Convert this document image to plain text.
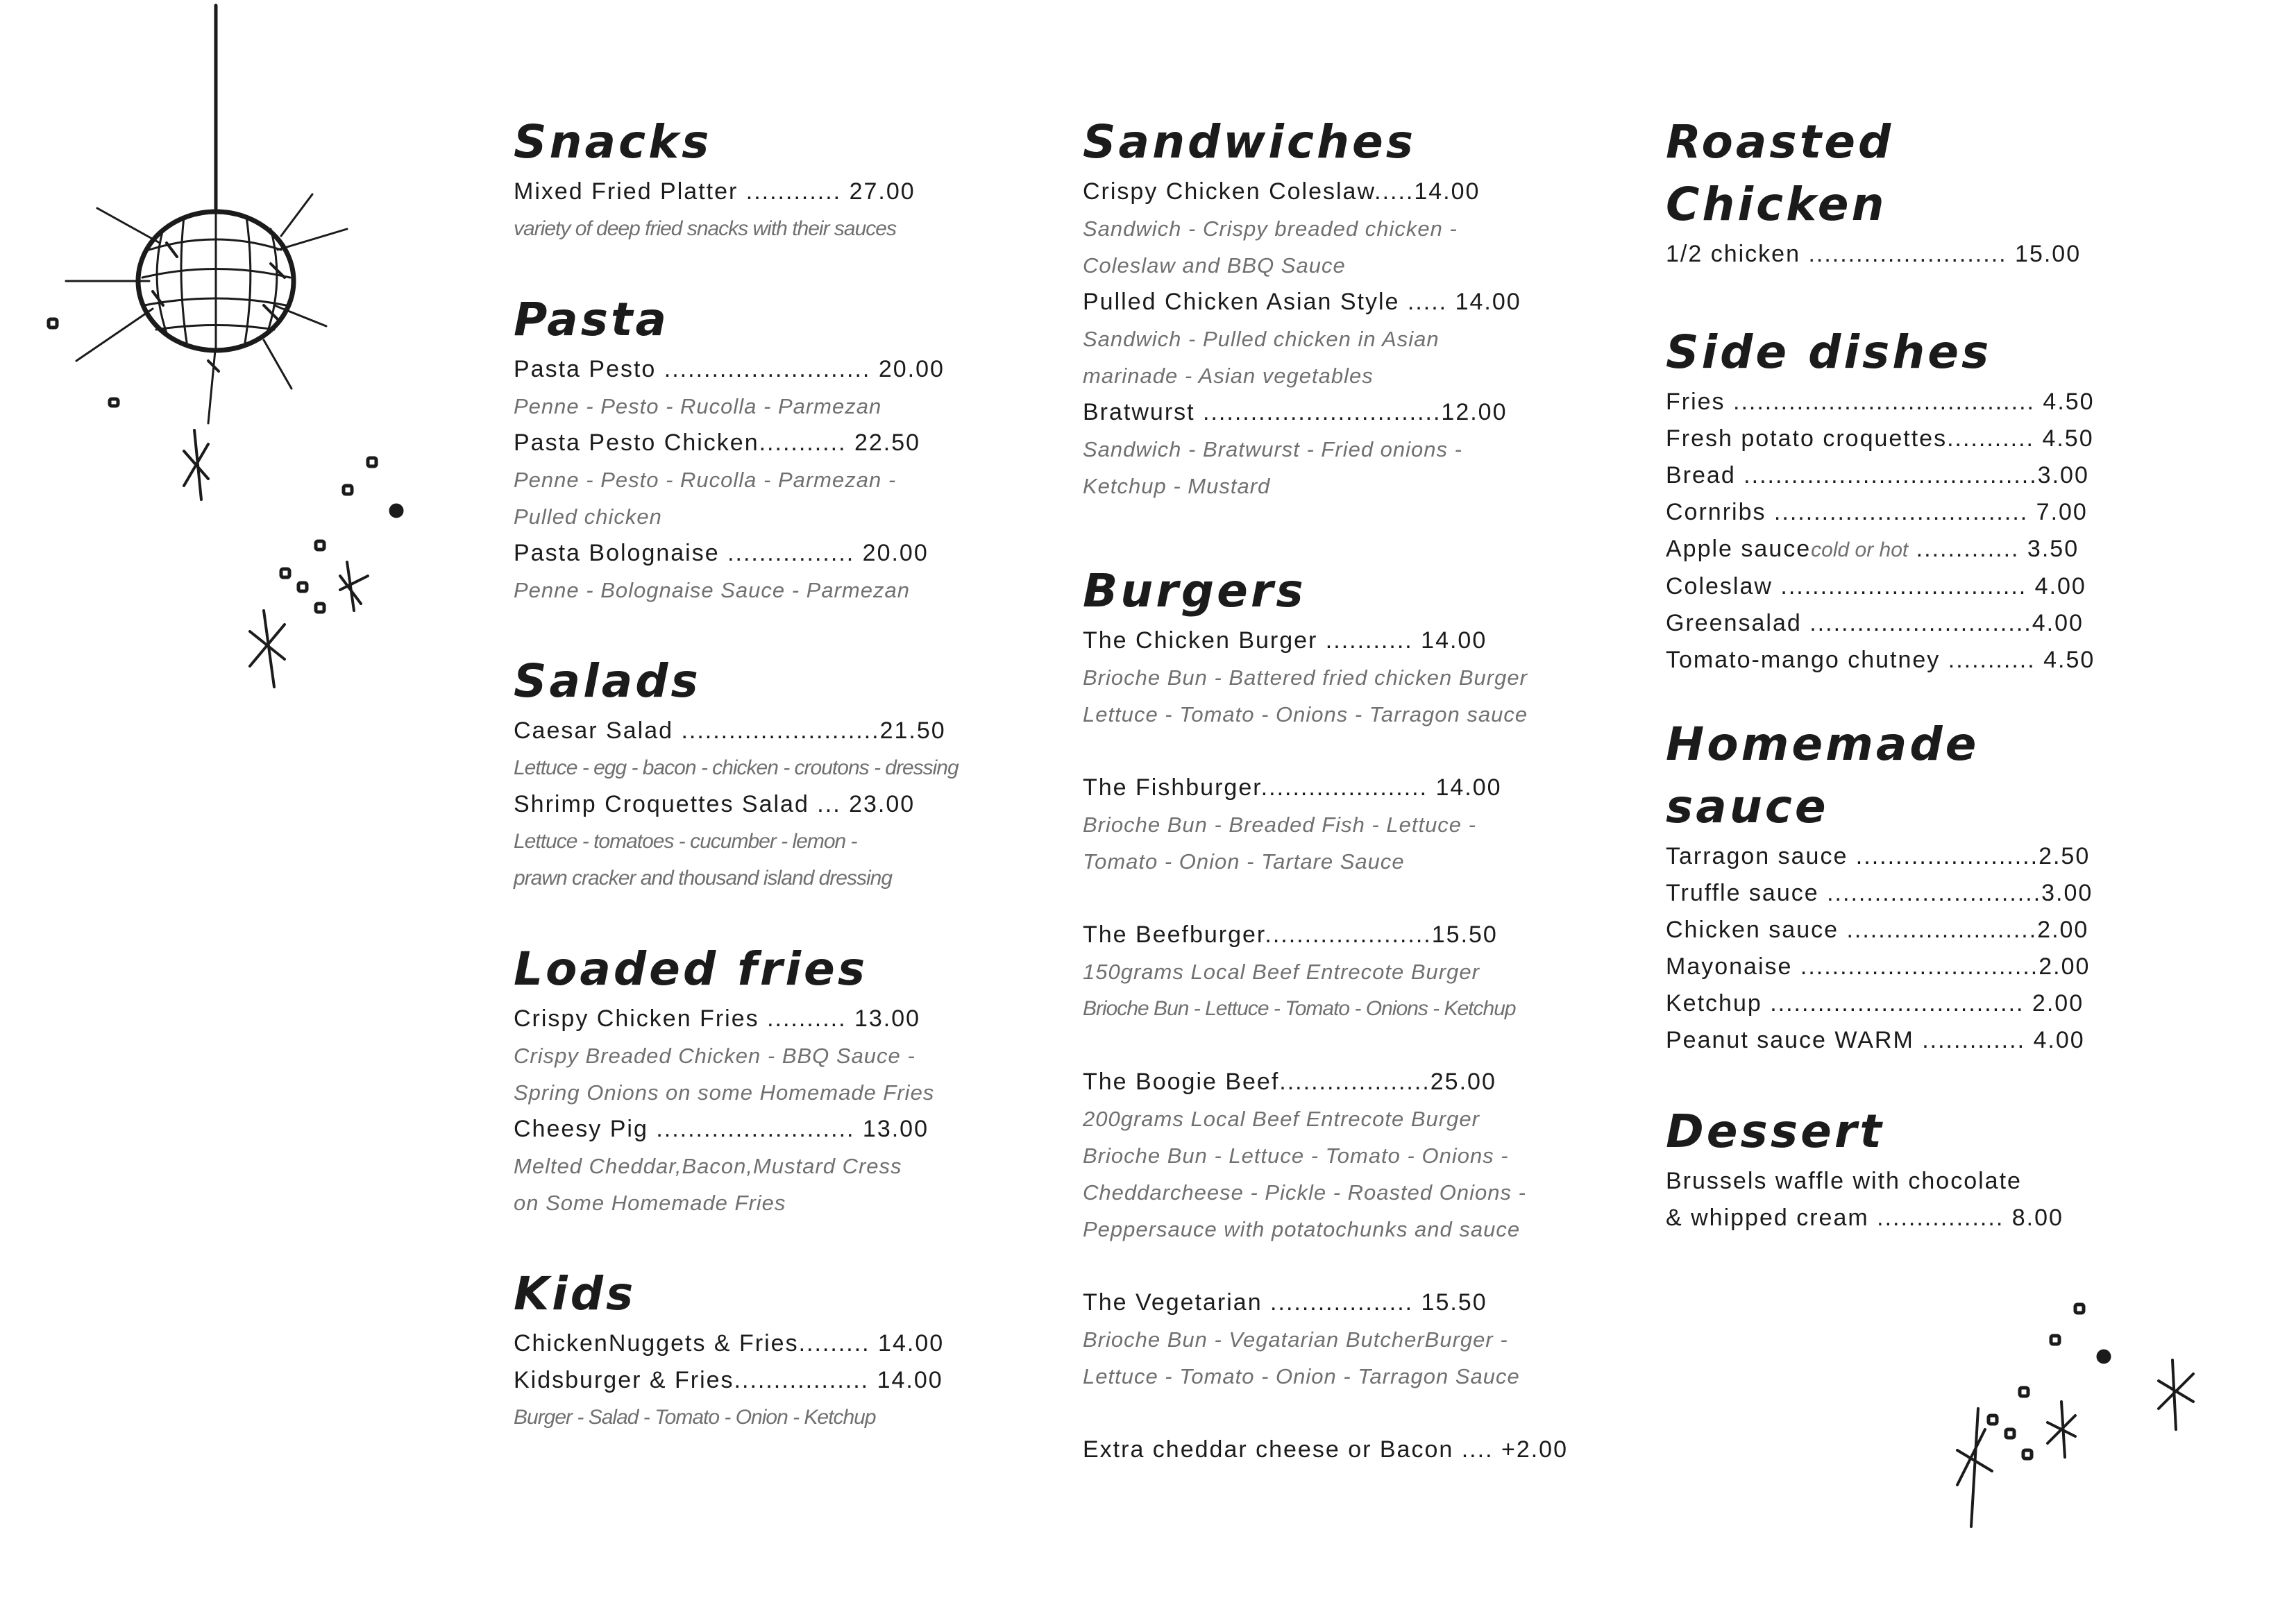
Snacks
Mixed Fried Platter ............ 27.00
variety of deep fried snacks with their sauces
Pasta
Pasta Pesto .......................... 20.00
Penne - Pesto - Rucolla - Parmezan
Pasta Pesto Chicken........... 22.50
Penne - Pesto - Rucolla - Parmezan -
Pulled chicken
Pasta Bolognaise ................ 20.00
Penne - Bolognaise Sauce - Parmezan
Salads
Caesar Salad .........................21.50
Lettuce - egg - bacon - chicken - croutons - dressing
Shrimp Croquettes Salad ... 23.00
Lettuce - tomatoes - cucumber - lemon -
prawn cracker and thousand island dressing
Loaded fries
Crispy Chicken Fries .......... 13.00
Crispy Breaded Chicken - BBQ Sauce -
Spring Onions on some Homemade Fries
Cheesy Pig ......................... 13.00
Melted Cheddar,Bacon,Mustard Cress
on Some Homemade Fries
Kids
ChickenNuggets & Fries......... 14.00
Kidsburger & Fries................. 14.00
Burger - Salad - Tomato - Onion - Ketchup
Sandwiches
Crispy Chicken Coleslaw.....14.00
Sandwich - Crispy breaded chicken -
Coleslaw and BBQ Sauce
Pulled Chicken Asian Style ..... 14.00
Sandwich - Pulled chicken in Asian
marinade - Asian vegetables
Bratwurst ..............................12.00
Sandwich - Bratwurst - Fried onions -
Ketchup - Mustard
Burgers
The Chicken Burger ........... 14.00
Brioche Bun - Battered fried chicken Burger
Lettuce - Tomato - Onions - Tarragon sauce
The Fishburger..................... 14.00
Brioche Bun - Breaded Fish - Lettuce -
Tomato - Onion - Tartare Sauce
The Beefburger.....................15.50
150grams Local Beef Entrecote Burger
Brioche Bun - Lettuce - Tomato - Onions - Ketchup
The Boogie Beef...................25.00
200grams Local Beef Entrecote Burger
Brioche Bun - Lettuce - Tomato - Onions -
Cheddarcheese - Pickle - Roasted Onions -
Peppersauce with potatochunks and sauce
The Vegetarian .................. 15.50
Brioche Bun - Vegatarian ButcherBurger -
Lettuce - Tomato - Onion - Tarragon Sauce
Extra cheddar cheese or Bacon .... +2.00
Roasted Chicken
1/2 chicken ......................... 15.00
Side dishes
Fries ...................................... 4.50
Fresh potato croquettes........... 4.50
Bread .....................................3.00
Cornribs ................................ 7.00
Apple saucecold or hot ............. 3.50
Coleslaw ............................... 4.00
Greensalad ............................4.00
Tomato-mango chutney ........... 4.50
Homemade sauce
Tarragon sauce .......................2.50
Truffle sauce ...........................3.00
Chicken sauce ........................2.00
Mayonaise ..............................2.00
Ketchup ................................ 2.00
Peanut sauce WARM ............. 4.00
Dessert
Brussels waffle with chocolate
& whipped cream ................ 8.00
